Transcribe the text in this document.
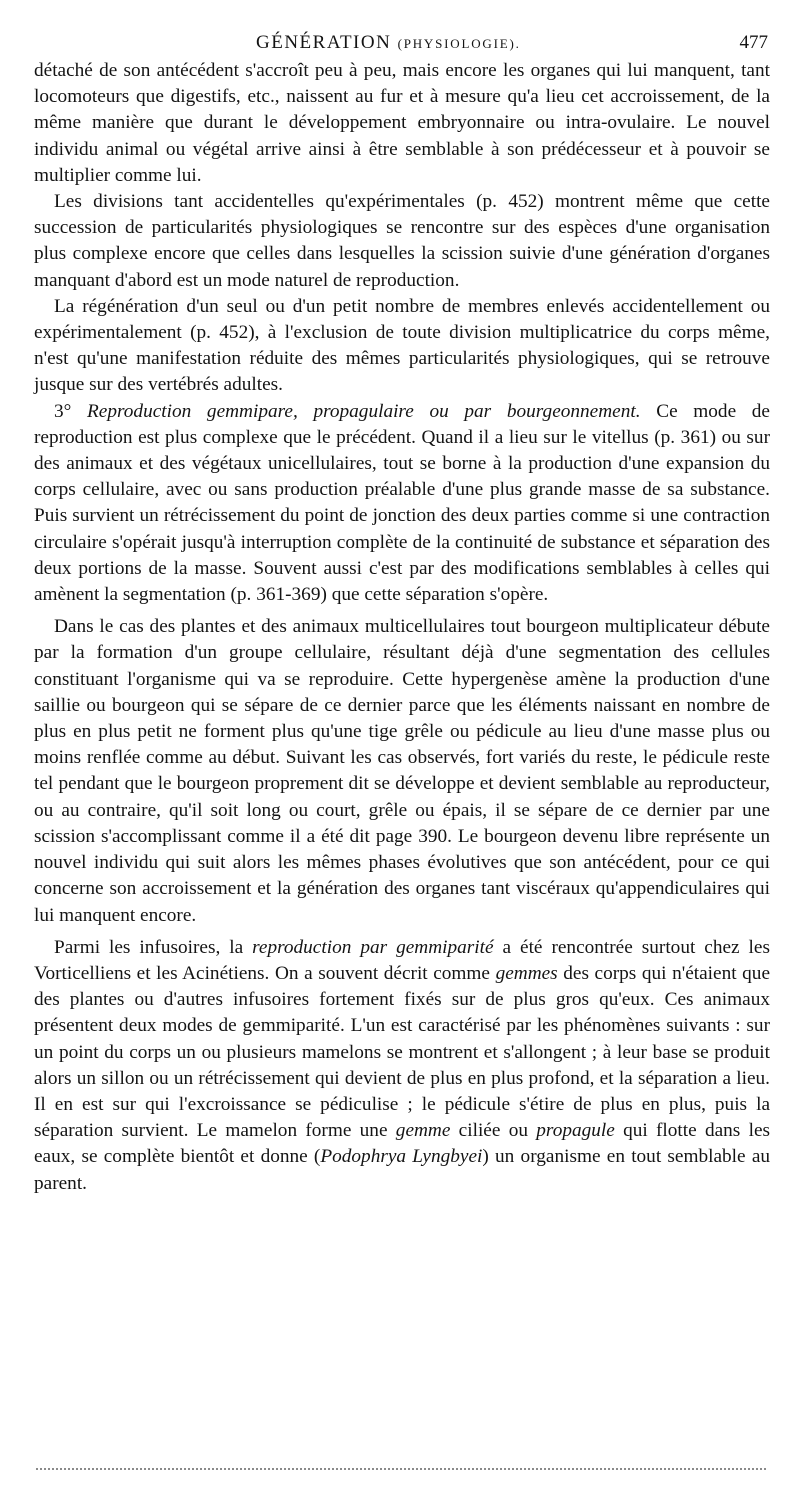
GÉNÉRATION (PHYSIOLOGIE).	477

détaché de son antécédent s'accroît peu à peu, mais encore les organes qui lui manquent, tant locomoteurs que digestifs, etc., naissent au fur et à mesure qu'a lieu cet accroissement, de la même manière que durant le développement embryonnaire ou intra-ovulaire. Le nouvel individu animal ou végétal arrive ainsi à être semblable à son prédécesseur et à pouvoir se multiplier comme lui.

Les divisions tant accidentelles qu'expérimentales (p. 452) montrent même que cette succession de particularités physiologiques se rencontre sur des espèces d'une organisation plus complexe encore que celles dans lesquelles la scission suivie d'une génération d'organes manquant d'abord est un mode naturel de reproduction.

La régénération d'un seul ou d'un petit nombre de membres enlevés accidentellement ou expérimentalement (p. 452), à l'exclusion de toute division multiplicatrice du corps même, n'est qu'une manifestation réduite des mêmes particularités physiologiques, qui se retrouve jusque sur des vertébrés adultes.

3° Reproduction gemmipare, propagulaire ou par bourgeonnement. Ce mode de reproduction est plus complexe que le précédent. Quand il a lieu sur le vitellus (p. 361) ou sur des animaux et des végétaux unicellulaires, tout se borne à la production d'une expansion du corps cellulaire, avec ou sans production préalable d'une plus grande masse de sa substance. Puis survient un rétrécissement du point de jonction des deux parties comme si une contraction circulaire s'opérait jusqu'à interruption complète de la continuité de substance et séparation des deux portions de la masse. Souvent aussi c'est par des modifications semblables à celles qui amènent la segmentation (p. 361-369) que cette séparation s'opère.

Dans le cas des plantes et des animaux multicellulaires tout bourgeon multiplicateur débute par la formation d'un groupe cellulaire, résultant déjà d'une segmentation des cellules constituant l'organisme qui va se reproduire. Cette hypergenèse amène la production d'une saillie ou bourgeon qui se sépare de ce dernier parce que les éléments naissant en nombre de plus en plus petit ne forment plus qu'une tige grêle ou pédicule au lieu d'une masse plus ou moins renflée comme au début. Suivant les cas observés, fort variés du reste, le pédicule reste tel pendant que le bourgeon proprement dit se développe et devient semblable au reproducteur, ou au contraire, qu'il soit long ou court, grêle ou épais, il se sépare de ce dernier par une scission s'accomplissant comme il a été dit page 390. Le bourgeon devenu libre représente un nouvel individu qui suit alors les mêmes phases évolutives que son antécédent, pour ce qui concerne son accroissement et la génération des organes tant viscéraux qu'appendiculaires qui lui manquent encore.

Parmi les infusoires, la reproduction par gemmiparité a été rencontrée surtout chez les Vorticelliens et les Acinétiens. On a souvent décrit comme gemmes des corps qui n'étaient que des plantes ou d'autres infusoires fortement fixés sur de plus gros qu'eux. Ces animaux présentent deux modes de gemmiparité. L'un est caractérisé par les phénomènes suivants : sur un point du corps un ou plusieurs mamelons se montrent et s'allongent ; à leur base se produit alors un sillon ou un rétrécissement qui devient de plus en plus profond, et la séparation a lieu. Il en est sur qui l'excroissance se pédiculise ; le pédicule s'étire de plus en plus, puis la séparation survient. Le mamelon forme une gemme ciliée ou propagule qui flotte dans les eaux, se complète bientôt et donne (Podophrya Lyngbyei) un organisme en tout semblable au parent.
